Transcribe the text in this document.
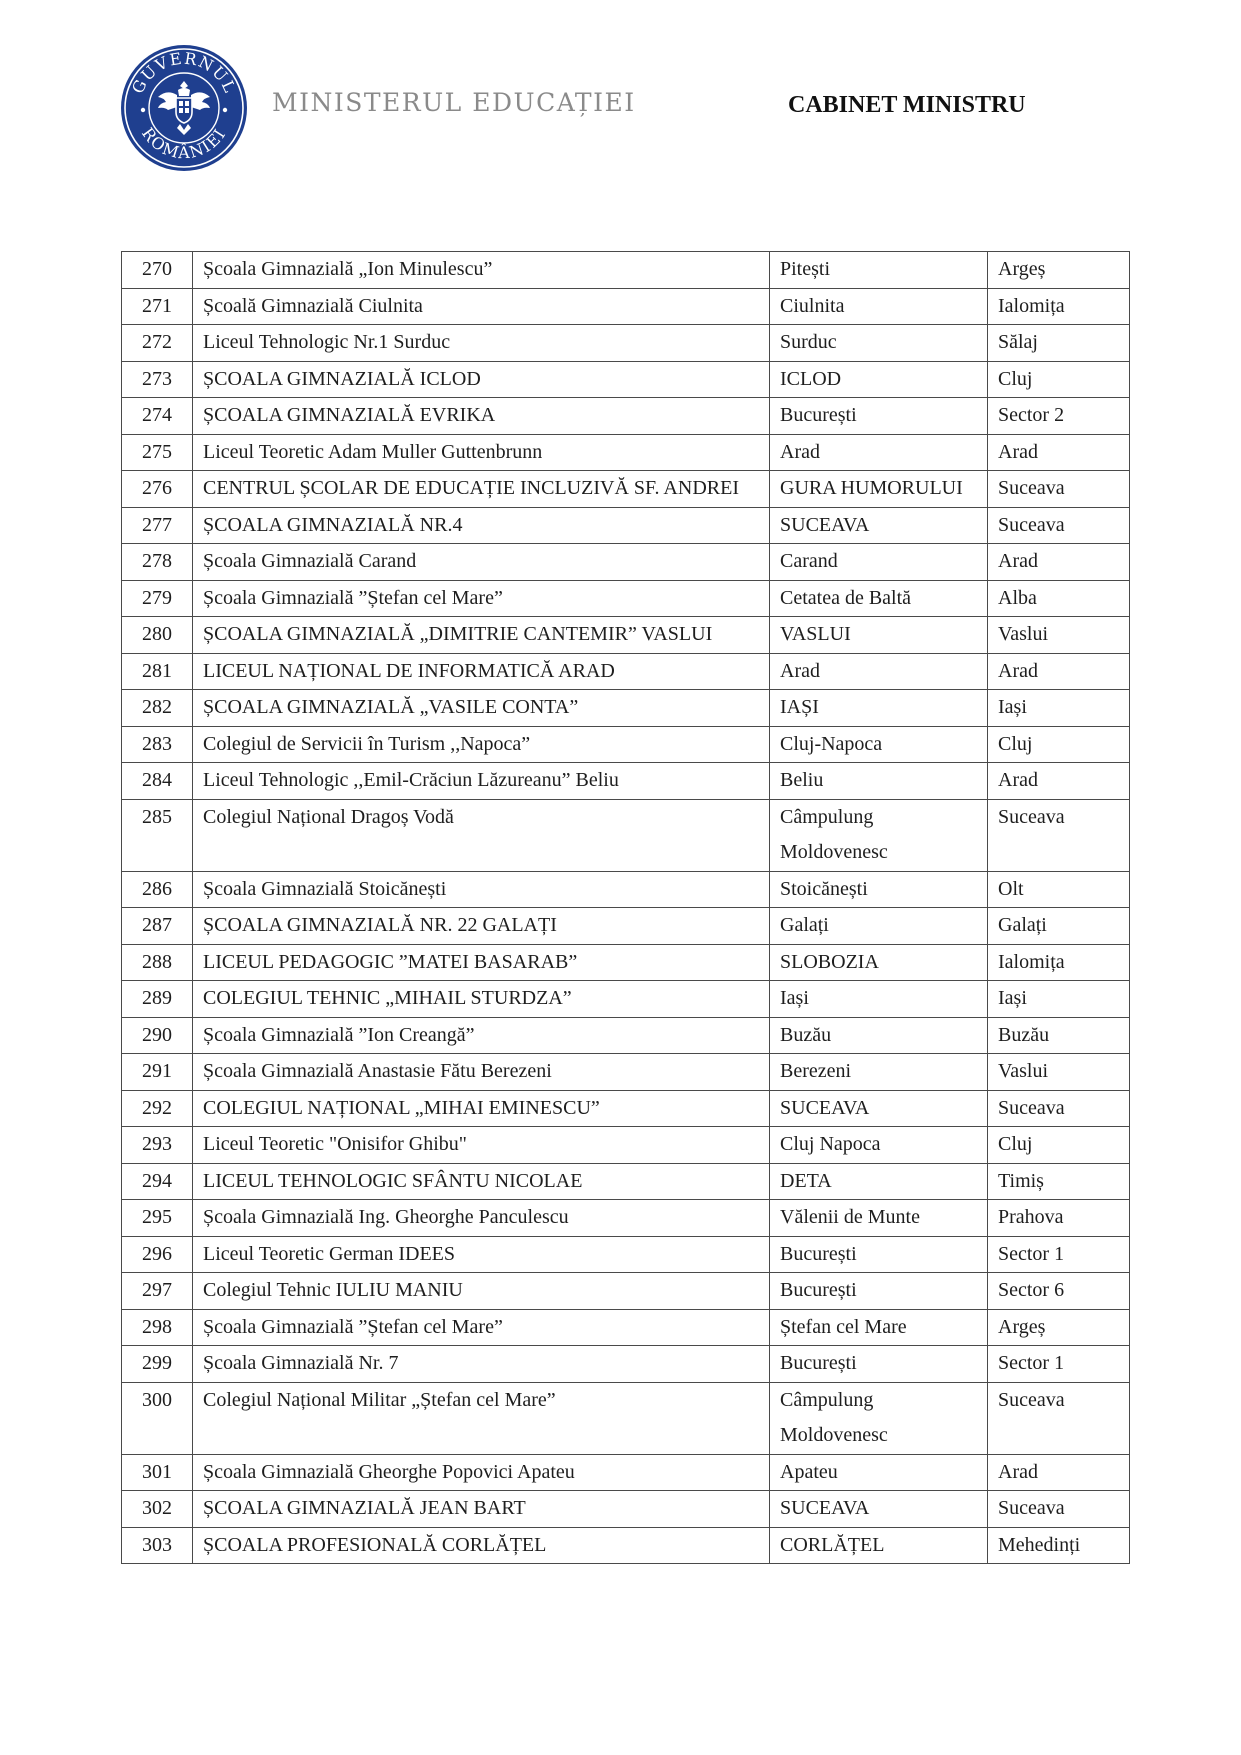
GUVERNUL
ROMÂNIEI
MINISTERUL EDUCAȚIEI	CABINET MINISTRU
270	Școala Gimnazială „Ion Minulescu”	Pitești	Argeș

271	Școală Gimnazială Ciulnita	Ciulnita	Ialomița

272	Liceul Tehnologic Nr.1 Surduc	Surduc	Sălaj

273	ȘCOALA GIMNAZIALĂ ICLOD	ICLOD	Cluj

274	ȘCOALA GIMNAZIALĂ EVRIKA	București	Sector 2

275	Liceul Teoretic Adam Muller Guttenbrunn	Arad	Arad

276	CENTRUL ȘCOLAR DE EDUCAȚIE INCLUZIVĂ SF. ANDREI	GURA HUMORULUI	Suceava

277	ȘCOALA GIMNAZIALĂ NR.4	SUCEAVA	Suceava

278	Școala Gimnazială Carand	Carand	Arad

279	Școala Gimnazială ”Ștefan cel Mare”	Cetatea de Baltă	Alba

280	ȘCOALA GIMNAZIALĂ „DIMITRIE CANTEMIR” VASLUI	VASLUI	Vaslui

281	LICEUL NAȚIONAL DE INFORMATICĂ ARAD	Arad	Arad

282	ȘCOALA GIMNAZIALĂ „VASILE CONTA”	IAȘI	Iași

283	Colegiul de Servicii în Turism ,,Napoca”	Cluj-Napoca	Cluj

284	Liceul Tehnologic ,,Emil-Crăciun Lăzureanu” Beliu	Beliu	Arad

285	Colegiul Național Dragoș Vodă	Câmpulung Moldovenesc	Suceava

286	Școala Gimnazială Stoicănești	Stoicănești	Olt

287	ȘCOALA GIMNAZIALĂ NR. 22 GALAȚI	Galați	Galați

288	LICEUL PEDAGOGIC ”MATEI BASARAB”	SLOBOZIA	Ialomița

289	COLEGIUL TEHNIC „MIHAIL STURDZA”	Iași	Iași

290	Școala Gimnazială ”Ion Creangă”	Buzău	Buzău

291	Școala Gimnazială Anastasie Fătu Berezeni	Berezeni	Vaslui

292	COLEGIUL NAȚIONAL „MIHAI EMINESCU”	SUCEAVA	Suceava

293	Liceul Teoretic "Onisifor Ghibu"	Cluj Napoca	Cluj

294	LICEUL TEHNOLOGIC SFÂNTU NICOLAE	DETA	Timiș

295	Școala Gimnazială Ing. Gheorghe Panculescu	Vălenii de Munte	Prahova

296	Liceul Teoretic German IDEES	București	Sector 1

297	Colegiul Tehnic IULIU MANIU	București	Sector 6

298	Școala Gimnazială ”Ștefan cel Mare”	Ștefan cel Mare	Argeș

299	Școala Gimnazială Nr. 7	București	Sector 1

300	Colegiul Național Militar „Ștefan cel Mare”	Câmpulung Moldovenesc	Suceava

301	Școala Gimnazială Gheorghe Popovici Apateu	Apateu	Arad

302	ȘCOALA GIMNAZIALĂ JEAN BART	SUCEAVA	Suceava

303	ȘCOALA PROFESIONALĂ CORLĂȚEL	CORLĂȚEL	Mehedinți
